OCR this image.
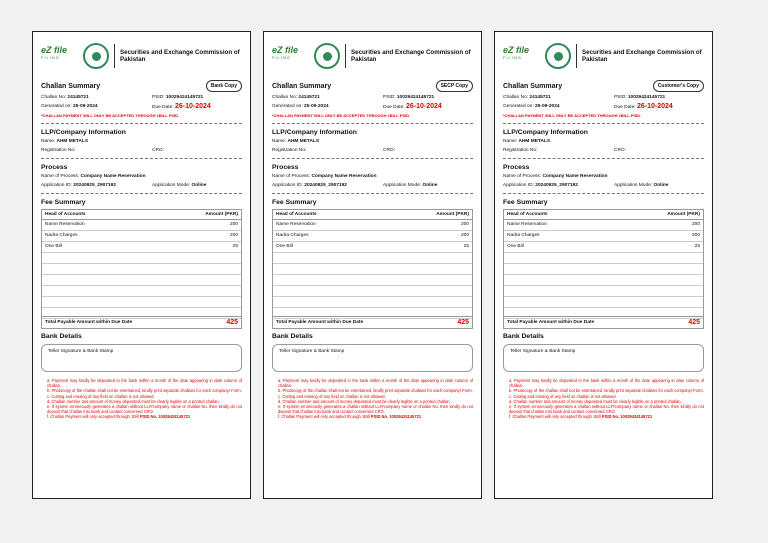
eZ file
FILING
Securities and Exchange Commission of Pakistan
Challan Summary	Bank Copy
Challan No: 24145721	PSID: 10029424145721
Generated on: 25-09-2024	Due Date: 26-10-2024
*CHALLAN PAYMENT WILL ONLY BE ACCEPTED THROUGH 1BILL PSID.
LLP/Company Information
Name: AHM METALS
Registration No:	CRO:
Process
Name of Process: Company Name Reservation
Application ID: 20240925_2907192	Application Mode: Online
Fee Summary
Head of Accounts	Amount (PKR)
Name Reservation	200
Nadra Charges	200
One Bill	25
Total Payable Amount within Due Date	425
Bank Details
Teller Signature & Bank Stamp
a. Payment may kindly be deposited in the bank within a month of the date appearing in date column of challan.
b. Photocopy of the challan shall not be entertained, kindly print separate challans for each company/ Form.
c. Cutting and erasing of any field on challan is not allowed.
d. Challan number and amount of money deposited must be clearly legible on a printed challan.
e. If system erroneously generates a challan without LLP/company name or challan No. then kindly do not deposit that challan into bank and contact concerned CRO.
f. Challan Payment will only accepted through 1Bill PSID No. 10029424145721
eZ file
FILING
Securities and Exchange Commission of Pakistan
Challan Summary	SECP Copy
Challan No: 24145721	PSID: 10029424145721
Generated on: 25-09-2024	Due Date: 26-10-2024
*CHALLAN PAYMENT WILL ONLY BE ACCEPTED THROUGH 1BILL PSID.
LLP/Company Information
Name: AHM METALS
Registration No:	CRO:
Process
Name of Process: Company Name Reservation
Application ID: 20240925_2907192	Application Mode: Online
Fee Summary
Head of Accounts	Amount (PKR)
Name Reservation	200
Nadra Charges	200
One Bill	25
Total Payable Amount within Due Date	425
Bank Details
Teller Signature & Bank Stamp
a. Payment may kindly be deposited in the bank within a month of the date appearing in date column of challan.
b. Photocopy of the challan shall not be entertained, kindly print separate challans for each company/ Form.
c. Cutting and erasing of any field on challan is not allowed.
d. Challan number and amount of money deposited must be clearly legible on a printed challan.
e. If system erroneously generates a challan without LLP/company name or challan No. then kindly do not deposit that challan into bank and contact concerned CRO.
f. Challan Payment will only accepted through 1Bill PSID No. 10029424145721
eZ file
FILING
Securities and Exchange Commission of Pakistan
Challan Summary	Customer's Copy
Challan No: 24145721	PSID: 10029424145721
Generated on: 25-09-2024	Due Date: 26-10-2024
*CHALLAN PAYMENT WILL ONLY BE ACCEPTED THROUGH 1BILL PSID.
LLP/Company Information
Name: AHM METALS
Registration No:	CRO:
Process
Name of Process: Company Name Reservation
Application ID: 20240925_2907192	Application Mode: Online
Fee Summary
Head of Accounts	Amount (PKR)
Name Reservation	200
Nadra Charges	200
One Bill	25
Total Payable Amount within Due Date	425
Bank Details
Teller Signature & Bank Stamp
a. Payment may kindly be deposited in the bank within a month of the date appearing in date column of challan.
b. Photocopy of the challan shall not be entertained, kindly print separate challans for each company/ Form.
c. Cutting and erasing of any field on challan is not allowed.
d. Challan number and amount of money deposited must be clearly legible on a printed challan.
e. If system erroneously generates a challan without LLP/company name or challan No. then kindly do not deposit that challan into bank and contact concerned CRO.
f. Challan Payment will only accepted through 1Bill PSID No. 10029424145721
